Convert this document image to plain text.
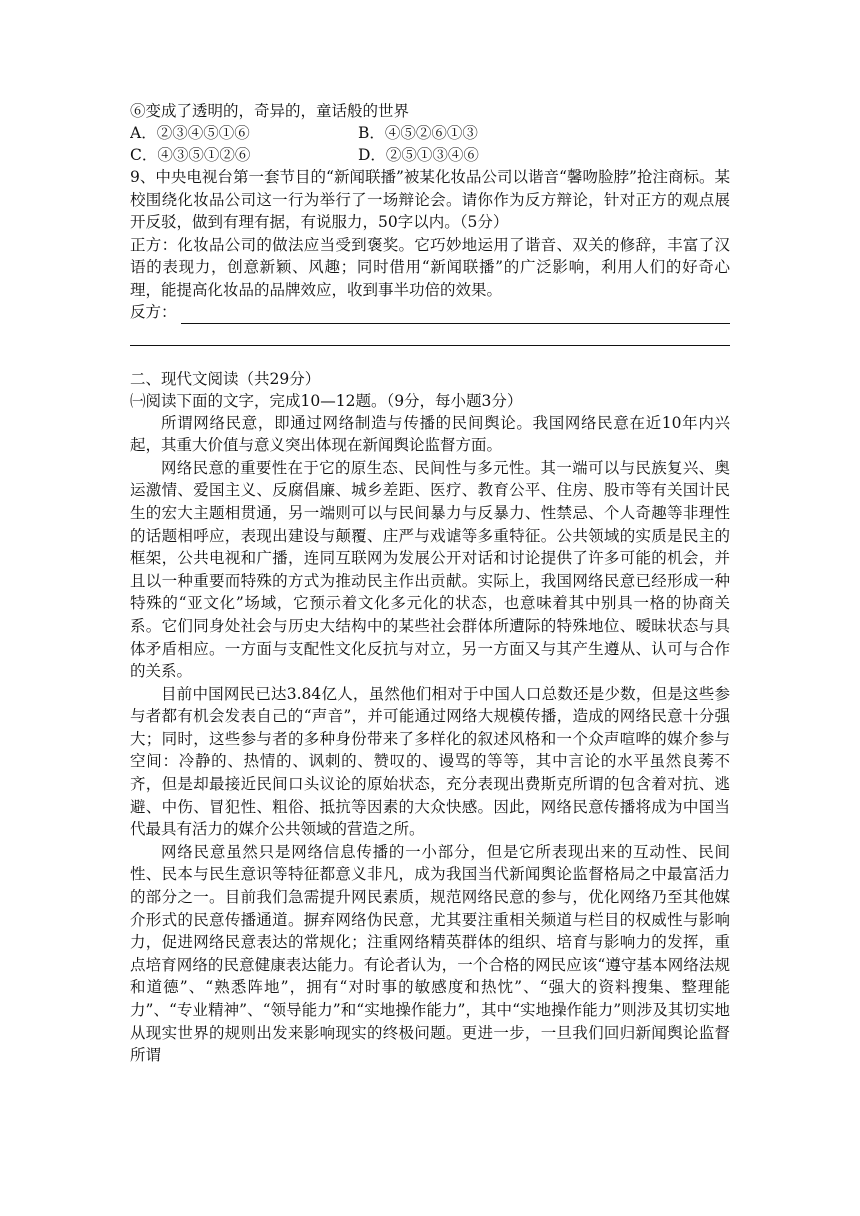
⑥变成了透明的，奇异的，童话般的世界
A．②③④⑤①⑥	B．④⑤②⑥①③
C．④③⑤①②⑥	D．②⑤①③④⑥

9、中央电视台第一套节目的“新闻联播”被某化妆品公司以谐音“馨吻脸脖”抢注商标。某校围绕化妆品公司这一行为举行了一场辩论会。请你作为反方辩论，针对正方的观点展开反驳，做到有理有据，有说服力，50字以内。（5分）

正方：化妆品公司的做法应当受到褒奖。它巧妙地运用了谐音、双关的修辞，丰富了汉语的表现力，创意新颖、风趣；同时借用“新闻联播”的广泛影响，利用人们的好奇心理，能提高化妆品的品牌效应，收到事半功倍的效果。

反方：
二、现代文阅读（共29分）
㈠阅读下面的文字，完成10—12题。（9分，每小题3分）

所谓网络民意，即通过网络制造与传播的民间舆论。我国网络民意在近10年内兴起，其重大价值与意义突出体现在新闻舆论监督方面。

网络民意的重要性在于它的原生态、民间性与多元性。其一端可以与民族复兴、奥运激情、爱国主义、反腐倡廉、城乡差距、医疗、教育公平、住房、股市等有关国计民生的宏大主题相贯通，另一端则可以与民间暴力与反暴力、性禁忌、个人奇趣等非理性的话题相呼应，表现出建设与颠覆、庄严与戏谑等多重特征。公共领域的实质是民主的框架，公共电视和广播，连同互联网为发展公开对话和讨论提供了许多可能的机会，并且以一种重要而特殊的方式为推动民主作出贡献。实际上，我国网络民意已经形成一种特殊的“亚文化”场域，它预示着文化多元化的状态，也意味着其中别具一格的协商关系。它们同身处社会与历史大结构中的某些社会群体所遭际的特殊地位、暧昧状态与具体矛盾相应。一方面与支配性文化反抗与对立，另一方面又与其产生遵从、认可与合作的关系。

目前中国网民已达3.84亿人，虽然他们相对于中国人口总数还是少数，但是这些参与者都有机会发表自己的“声音”，并可能通过网络大规模传播，造成的网络民意十分强大；同时，这些参与者的多种身份带来了多样化的叙述风格和一个众声喧哗的媒介参与空间：冷静的、热情的、讽刺的、赞叹的、谩骂的等等，其中言论的水平虽然良莠不齐，但是却最接近民间口头议论的原始状态，充分表现出费斯克所谓的包含着对抗、逃避、中伤、冒犯性、粗俗、抵抗等因素的大众快感。因此，网络民意传播将成为中国当代最具有活力的媒介公共领域的营造之所。

网络民意虽然只是网络信息传播的一小部分，但是它所表现出来的互动性、民间性、民本与民生意识等特征都意义非凡，成为我国当代新闻舆论监督格局之中最富活力的部分之一。目前我们急需提升网民素质，规范网络民意的参与，优化网络乃至其他媒介形式的民意传播通道。摒弃网络伪民意，尤其要注重相关频道与栏目的权威性与影响力，促进网络民意表达的常规化；注重网络精英群体的组织、培育与影响力的发挥，重点培育网络的民意健康表达能力。有论者认为，一个合格的网民应该“遵守基本网络法规和道德”、“熟悉阵地”，拥有“对时事的敏感度和热忱”、“强大的资料搜集、整理能力”、“专业精神”、“领导能力”和“实地操作能力”，其中“实地操作能力”则涉及其切实地从现实世界的规则出发来影响现实的终极问题。更进一步，一旦我们回归新闻舆论监督所谓
